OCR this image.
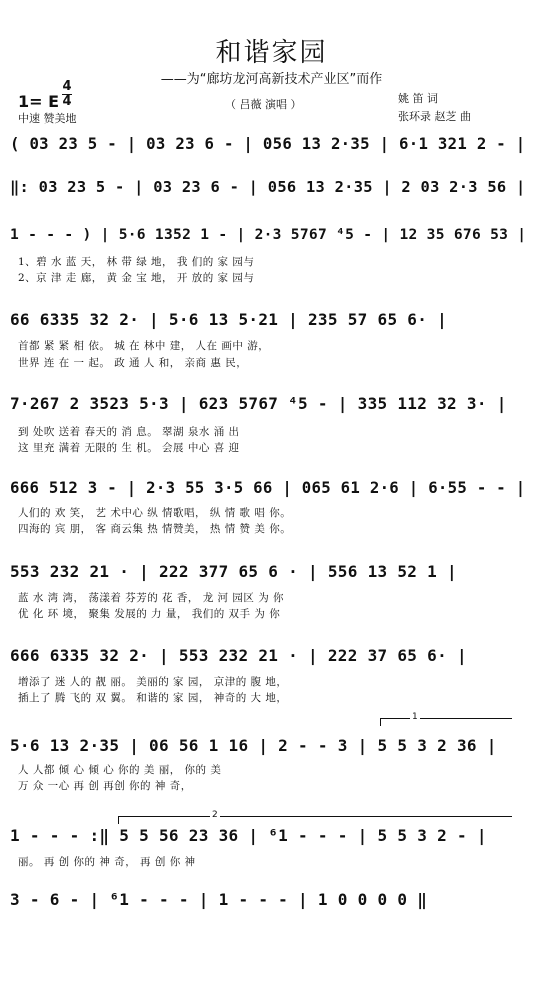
和谐家园
——为“廊坊龙河高新技术产业区”而作
1= E
4
4
中速 赞美地
（ 吕薇 演唱 ）	姚 笛 词
张环录 赵芝 曲
( 03 23 5 - | 03 23 6 - | 056 13 2·35 | 6·1 321 2 - |
‖: 03 23 5 - | 03 23 6 - | 056 13 2·35 | 2 03 2·3 56 |
1 - - - ) | 5·6 1352 1 - | 2·3 5767 ⁴5 - | 12 35 676 53 |
1、碧 水 蓝 天， 林 带 绿 地， 我 们的 家 园与
2、京 津 走 廊， 黄 金 宝 地， 开 放的 家 园与
66 6335 32 2· | 5·6 13 5·21 | 235 57 65 6· |
首都 紧 紧 相 依。 城 在 林中 建， 人在 画中 游，
世界 连 在 一 起。 政 通 人 和， 亲商 惠 民，
7·267 2 3523 5·3 | 623 5767 ⁴5 - | 335 112 32 3· |
到 处吹 送着 春天的 消 息。 翠湖 泉水 涌 出
这 里充 满着 无限的 生 机。 会展 中心 喜 迎
666 512 3 - | 2·3 55 3·5 66 | 065 61 2·6 | 6·55 - - |
人们的 欢 笑， 艺 术中心 纵 情歌唱， 纵 情 歌 唱 你。
四海的 宾 朋， 客 商云集 热 情赞美， 热 情 赞 美 你。
553 232 21 · | 222 377 65 6 · | 556 13 52 1 |
蓝 水 湾 湾， 荡漾着 芬芳的 花 香， 龙 河 园区 为 你
优 化 环 境， 聚集 发展的 力 量， 我们的 双手 为 你
666 6335 32 2· | 553 232 21 · | 222 37 65 6· |
增添了 迷 人的 靓 丽。 美丽的 家 园， 京津的 腹 地，
插上了 腾 飞的 双 翼。 和谐的 家 园， 神奇的 大 地，
1
5·6 13 2·35 | 06 56 1 16 | 2 - - 3 | 5 5 3 2 36 |
人 人都 倾 心 倾 心 你的 美 丽， 你的 美
万 众 一心 再 创 再创 你的 神 奇，
2
1 - - - :‖ 5 5 56 23 36 | ⁶1 - - - | 5 5 3 2 - |
丽。 再 创 你的 神 奇， 再 创 你 神
3 - 6 - | ⁶1 - - - | 1 - - - | 1 0 0 0 0 ‖
